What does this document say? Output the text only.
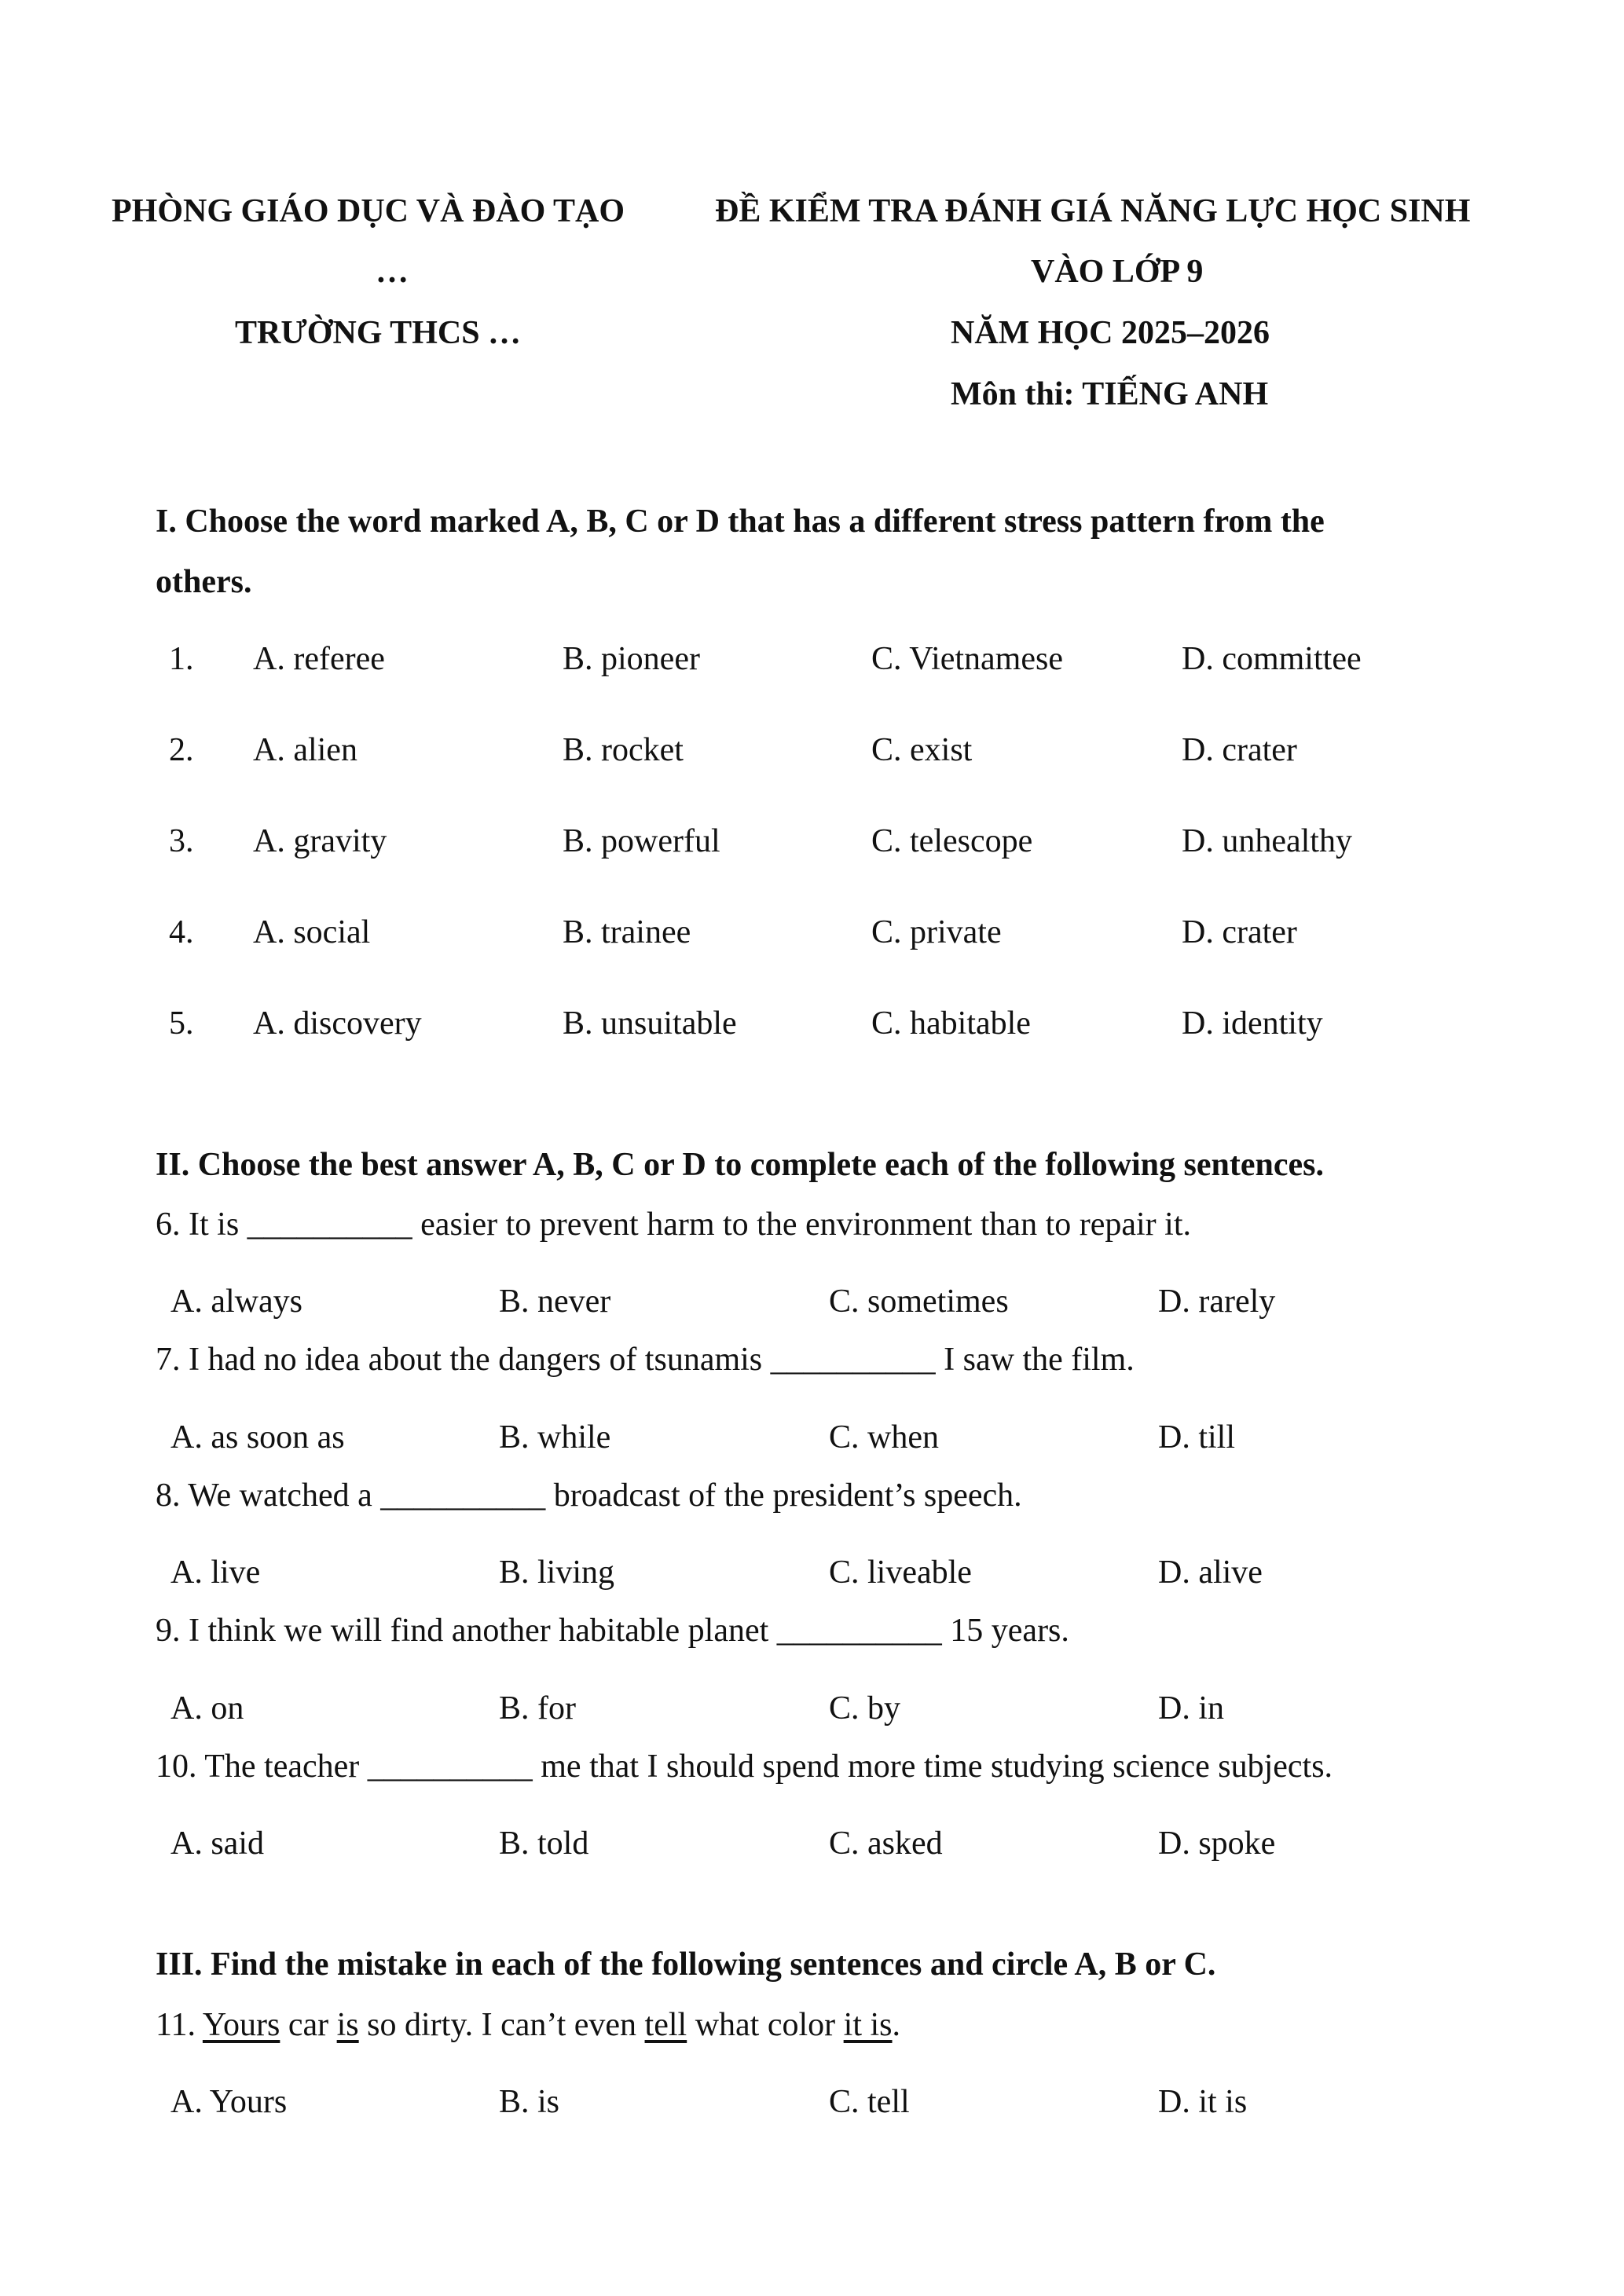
PHÒNG GIÁO DỤC VÀ ĐÀO TẠO
…
TRƯỜNG THCS …
ĐỀ KIỂM TRA ĐÁNH GIÁ NĂNG LỰC HỌC SINH
VÀO LỚP 9
NĂM HỌC 2025–2026
Môn thi: TIẾNG ANH
I. Choose the word marked A, B, C or D that has a different stress pattern from the
others.
1. A. referee	B. pioneer	C. Vietnamese	D. committee
2. A. alien	B. rocket	C. exist	D. crater
3. A. gravity	B. powerful	C. telescope	D. unhealthy
4. A. social	B. trainee	C. private	D. crater
5. A. discovery	B. unsuitable	C. habitable	D. identity
II. Choose the best answer A, B, C or D to complete each of the following sentences.
6. It is __________ easier to prevent harm to the environment than to repair it.
A. always	B. never	C. sometimes	D. rarely
7. I had no idea about the dangers of tsunamis __________ I saw the film.
A. as soon as	B. while	C. when	D. till
8. We watched a __________ broadcast of the president’s speech.
A. live	B. living	C. liveable	D. alive
9. I think we will find another habitable planet __________ 15 years.
A. on	B. for	C. by	D. in
10. The teacher __________ me that I should spend more time studying science subjects.
A. said	B. told	C. asked	D. spoke
III. Find the mistake in each of the following sentences and circle A, B or C.
11. Yours car is so dirty. I can’t even tell what color it is.
A. Yours	B. is	C. tell	D. it is
